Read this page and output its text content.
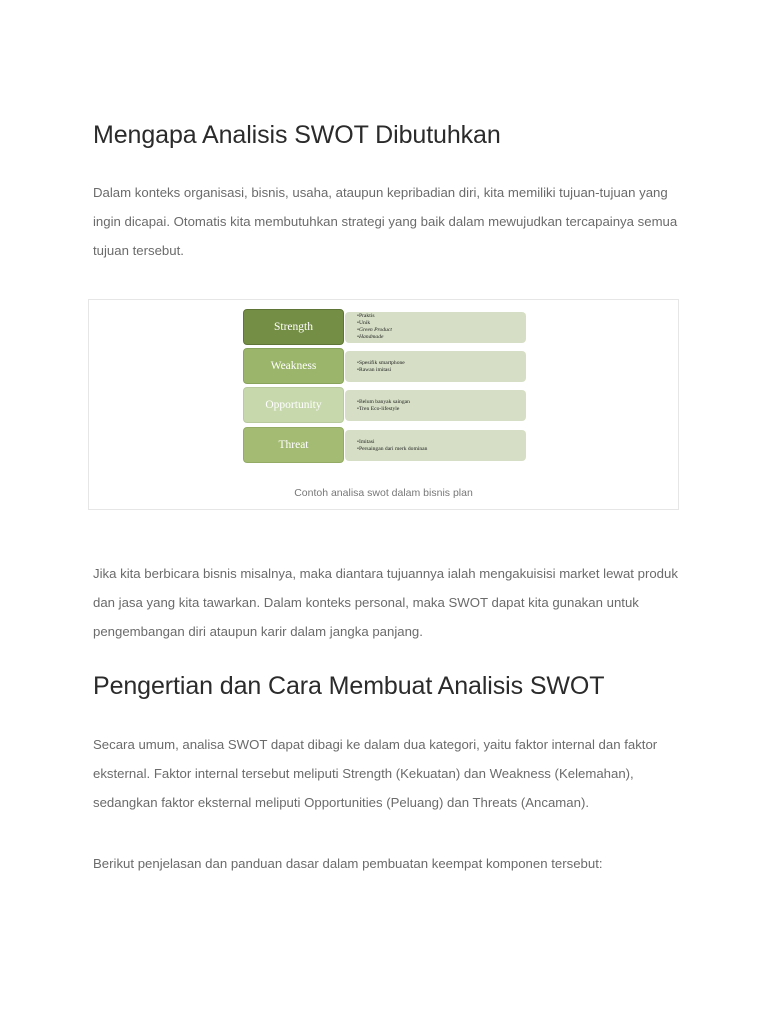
Mengapa Analisis SWOT Dibutuhkan

Dalam konteks organisasi, bisnis, usaha, ataupun kepribadian diri, kita memiliki tujuan-tujuan yang ingin dicapai. Otomatis kita membutuhkan strategi yang baik dalam mewujudkan tercapainya semua tujuan tersebut.

Strength
•Praktis
•Unik
•Green Product
•Handmade
Weakness	•Spesifik smartphone
•Rawan imitasi
Opportunity	•Belum banyak saingan
•Tren Eco-lifestyle
Threat	•Imitasi
•Persaingan dari merk dominan
Contoh analisa swot dalam bisnis plan

Jika kita berbicara bisnis misalnya, maka diantara tujuannya ialah mengakuisisi market lewat produk dan jasa yang kita tawarkan. Dalam konteks personal, maka SWOT dapat kita gunakan untuk pengembangan diri ataupun karir dalam jangka panjang.

Pengertian dan Cara Membuat Analisis SWOT

Secara umum, analisa SWOT dapat dibagi ke dalam dua kategori, yaitu faktor internal dan faktor eksternal. Faktor internal tersebut meliputi Strength (Kekuatan) dan Weakness (Kelemahan), sedangkan faktor eksternal meliputi Opportunities (Peluang) dan Threats (Ancaman).

Berikut penjelasan dan panduan dasar dalam pembuatan keempat komponen tersebut:
